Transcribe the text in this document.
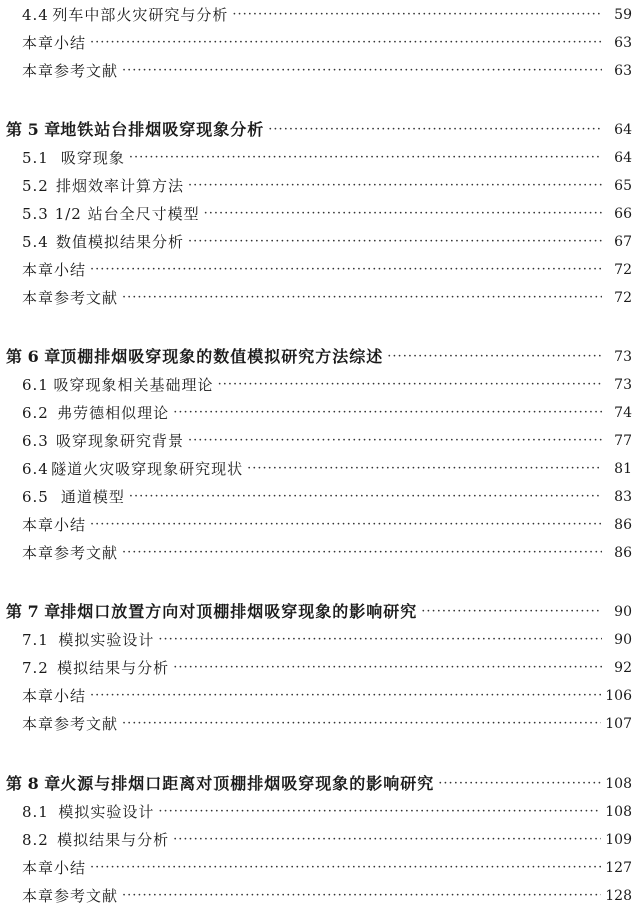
4.4 列车中部火灾研究与分析 ·····	59
本章小结 ·····	63
本章参考文献 ·····	63
第 5 章 地铁站台排烟吸穿现象分析 ·····	64
5.1 吸穿现象 ·····	64
5.2 排烟效率计算方法 ·····	65
5.3 1/2 站台全尺寸模型 ·····	66
5.4 数值模拟结果分析 ·····	67
本章小结 ·····	72
本章参考文献 ·····	72
第 6 章 顶棚排烟吸穿现象的数值模拟研究方法综述 ·····	73
6.1 吸穿现象相关基础理论 ·····	73
6.2 弗劳德相似理论 ·····	74
6.3 吸穿现象研究背景 ·····	77
6.4 隧道火灾吸穿现象研究现状 ·····	81
6.5 通道模型 ·····	83
本章小结 ·····	86
本章参考文献 ·····	86
第 7 章 排烟口放置方向对顶棚排烟吸穿现象的影响研究 ·····	90
7.1 模拟实验设计 ·····	90
7.2 模拟结果与分析 ·····	92
本章小结 ·····	106
本章参考文献 ·····	107
第 8 章 火源与排烟口距离对顶棚排烟吸穿现象的影响研究 ·····	108
8.1 模拟实验设计 ·····	108
8.2 模拟结果与分析 ·····	109
本章小结 ·····	127
本章参考文献 ·····	128
